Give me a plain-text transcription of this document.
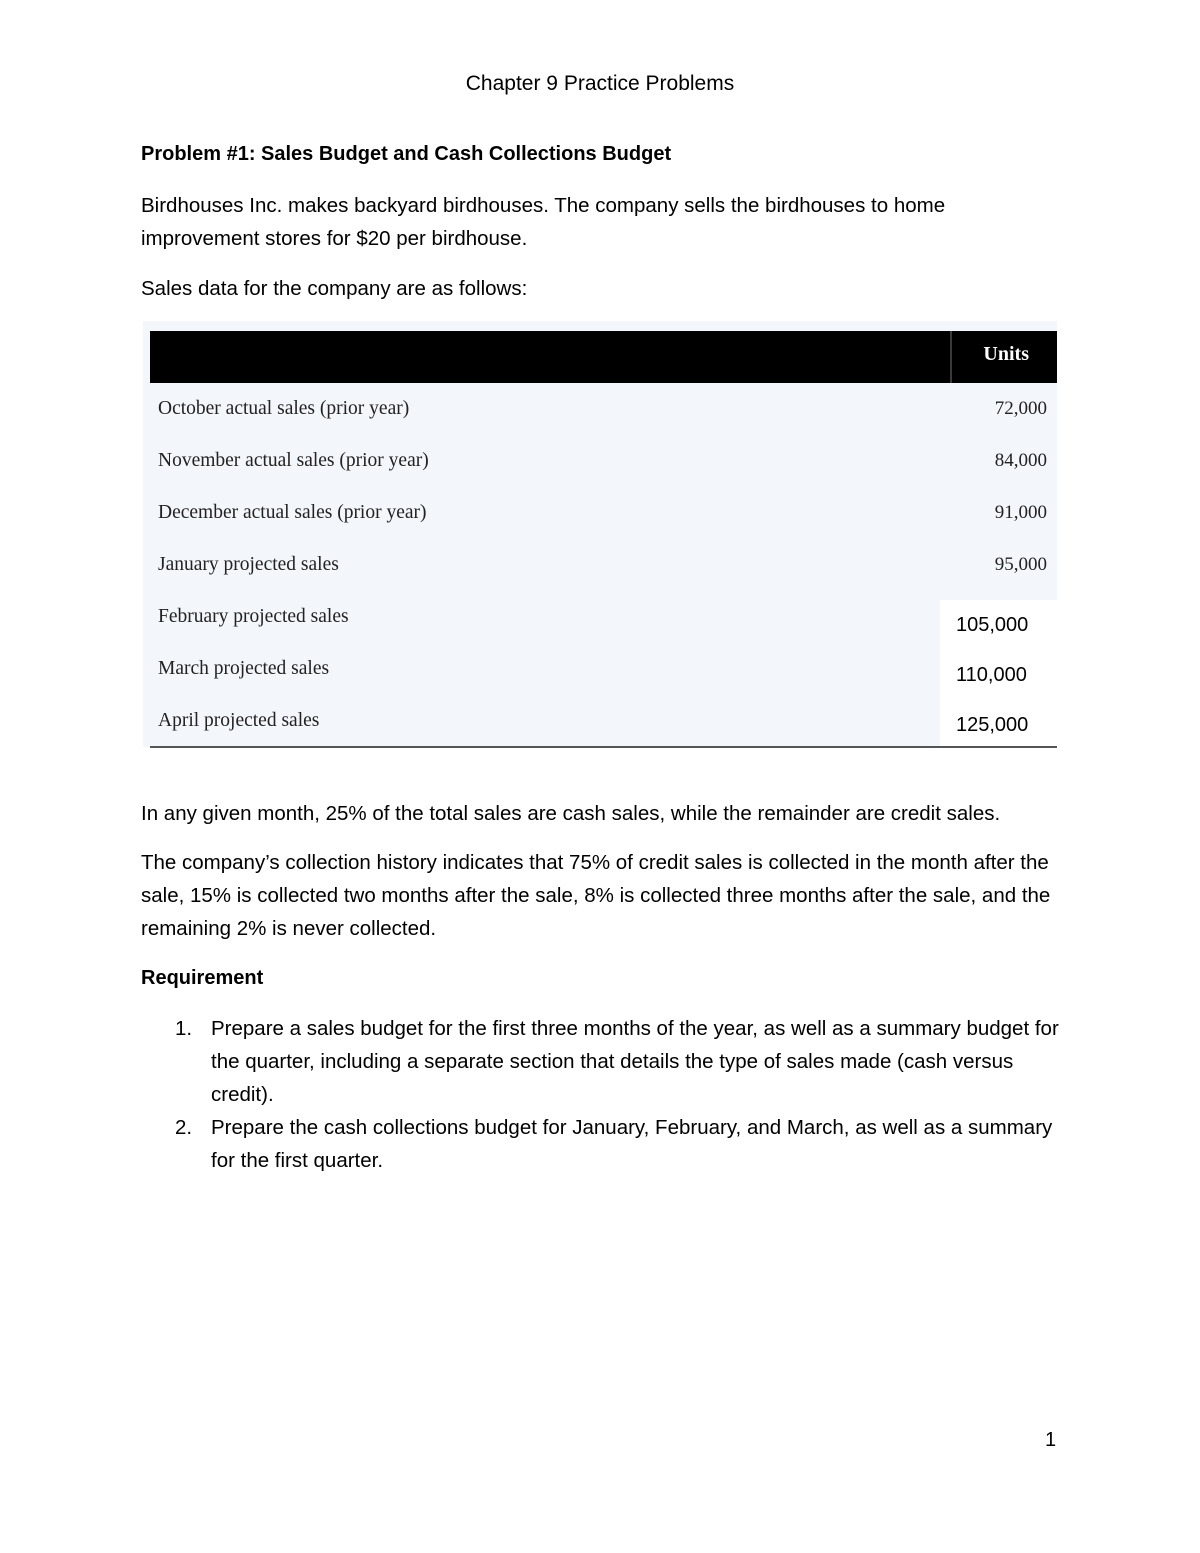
Chapter 9 Practice Problems
Problem #1: Sales Budget and Cash Collections Budget
Birdhouses Inc. makes backyard birdhouses. The company sells the birdhouses to home improvement stores for $20 per birdhouse.
Sales data for the company are as follows:
Units
October actual sales (prior year)	72,000
November actual sales (prior year)	84,000
December actual sales (prior year)	91,000
January projected sales	95,000
February projected sales	105,000
March projected sales	110,000
April projected sales	125,000
In any given month, 25% of the total sales are cash sales, while the remainder are credit sales.
The company’s collection history indicates that 75% of credit sales is collected in the month after the sale, 15% is collected two months after the sale, 8% is collected three months after the sale, and the remaining 2% is never collected.
Requirement
1. Prepare a sales budget for the first three months of the year, as well as a summary budget for the quarter, including a separate section that details the type of sales made (cash versus credit).
2. Prepare the cash collections budget for January, February, and March, as well as a summary for the first quarter.
1
